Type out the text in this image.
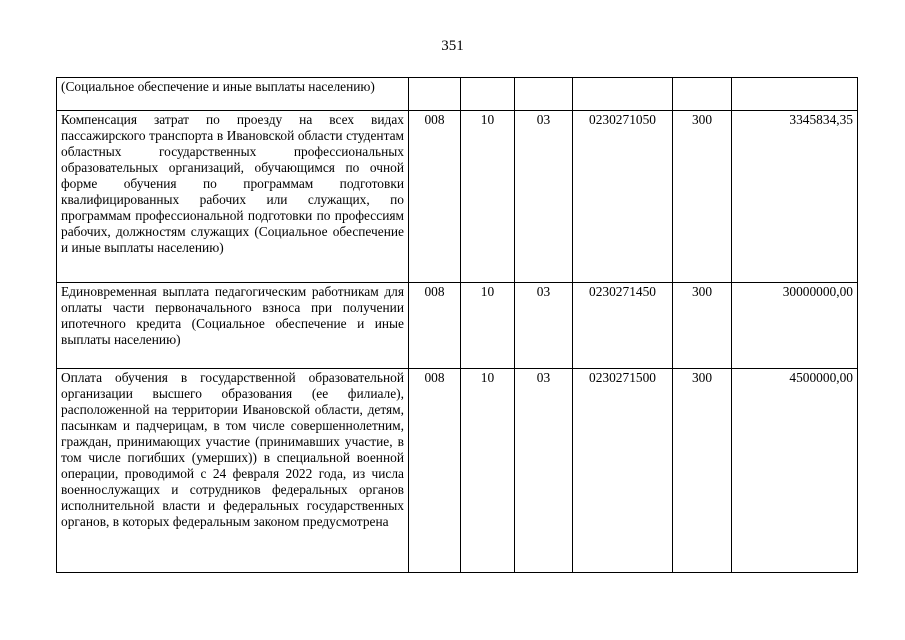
351
(Социальное обеспечение и иные выплаты населению)						
Компенсация затрат по проезду на всех видах пассажирского транспорта в Ивановской области студентам областных государственных профессиональных образовательных организаций, обучающимся по очной форме обучения по программам подготовки квалифицированных рабочих или служащих, по программам профессиональной подготовки по профессиям рабочих, должностям служащих (Социальное обеспечение и иные выплаты населению)	008	10	03	0230271050	300	3345834,35
Единовременная выплата педагогическим работникам для оплаты части первоначального взноса при получении ипотечного кредита (Социальное обеспечение и иные выплаты населению)	008	10	03	0230271450	300	30000000,00
Оплата обучения в государственной образовательной организации высшего образования (ее филиале), расположенной на территории Ивановской области, детям, пасынкам и падчерицам, в том числе совершеннолетним, граждан, принимающих участие (принимавших участие, в том числе погибших (умерших)) в специальной военной операции, проводимой с 24 февраля 2022 года, из числа военнослужащих и сотрудников федеральных органов исполнительной власти и федеральных государственных органов, в которых федеральным законом предусмотрена	008	10	03	0230271500	300	4500000,00
